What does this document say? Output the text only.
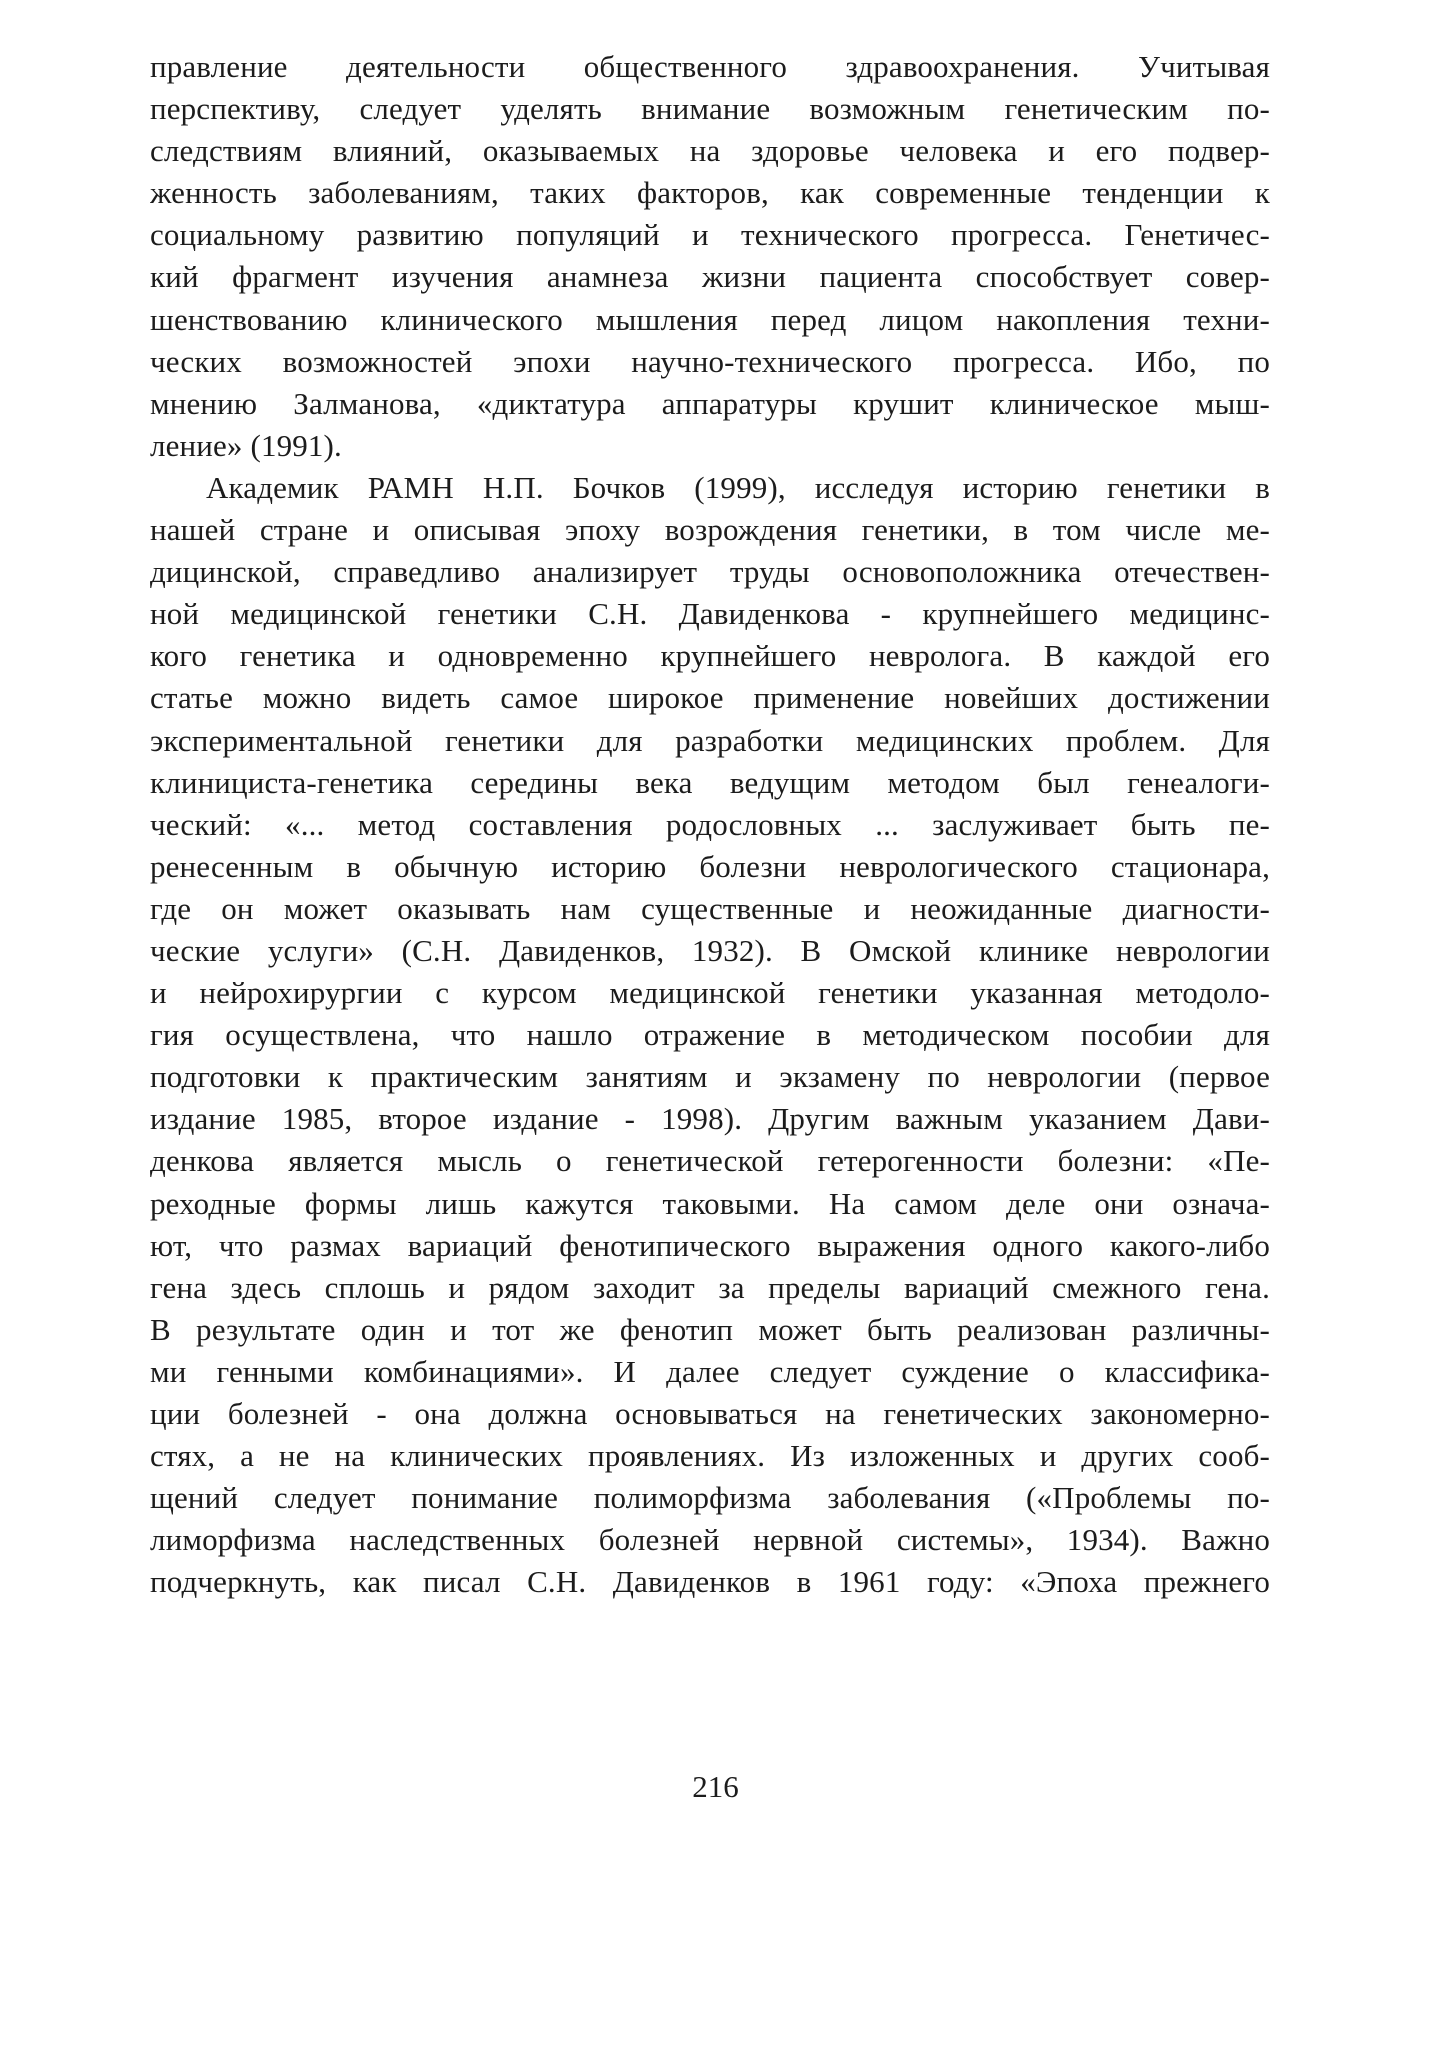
правление деятельности общественного здравоохранения. Учитывая
перспективу, следует уделять внимание возможным генетическим по-
следствиям влияний, оказываемых на здоровье человека и его подвер-
женность заболеваниям, таких факторов, как современные тенденции к
социальному развитию популяций и технического прогресса. Генетичес-
кий фрагмент изучения анамнеза жизни пациента способствует совер-
шенствованию клинического мышления перед лицом накопления техни-
ческих возможностей эпохи научно-технического прогресса. Ибо, по
мнению Залманова, «диктатура аппаратуры крушит клиническое мыш-
ление» (1991).
Академик РАМН Н.П. Бочков (1999), исследуя историю генетики в
нашей стране и описывая эпоху возрождения генетики, в том числе ме-
дицинской, справедливо анализирует труды основоположника отечествен-
ной медицинской генетики С.Н. Давиденкова - крупнейшего медицинс-
кого генетика и одновременно крупнейшего невролога. В каждой его
статье можно видеть самое широкое применение новейших достижении
экспериментальной генетики для разработки медицинских проблем. Для
клинициста-генетика середины века ведущим методом был генеалоги-
ческий: «... метод составления родословных ... заслуживает быть пе-
ренесенным в обычную историю болезни неврологического стационара,
где он может оказывать нам существенные и неожиданные диагности-
ческие услуги» (С.Н. Давиденков, 1932). В Омской клинике неврологии
и нейрохирургии с курсом медицинской генетики указанная методоло-
гия осуществлена, что нашло отражение в методическом пособии для
подготовки к практическим занятиям и экзамену по неврологии (первое
издание 1985, второе издание - 1998). Другим важным указанием Дави-
денкова является мысль о генетической гетерогенности болезни: «Пе-
реходные формы лишь кажутся таковыми. На самом деле они означа-
ют, что размах вариаций фенотипического выражения одного какого-либо
гена здесь сплошь и рядом заходит за пределы вариаций смежного гена.
В результате один и тот же фенотип может быть реализован различны-
ми генными комбинациями». И далее следует суждение о классифика-
ции болезней - она должна основываться на генетических закономерно-
стях, а не на клинических проявлениях. Из изложенных и других сооб-
щений следует понимание полиморфизма заболевания («Проблемы по-
лиморфизма наследственных болезней нервной системы», 1934). Важно
подчеркнуть, как писал С.Н. Давиденков в 1961 году: «Эпоха прежнего
216
